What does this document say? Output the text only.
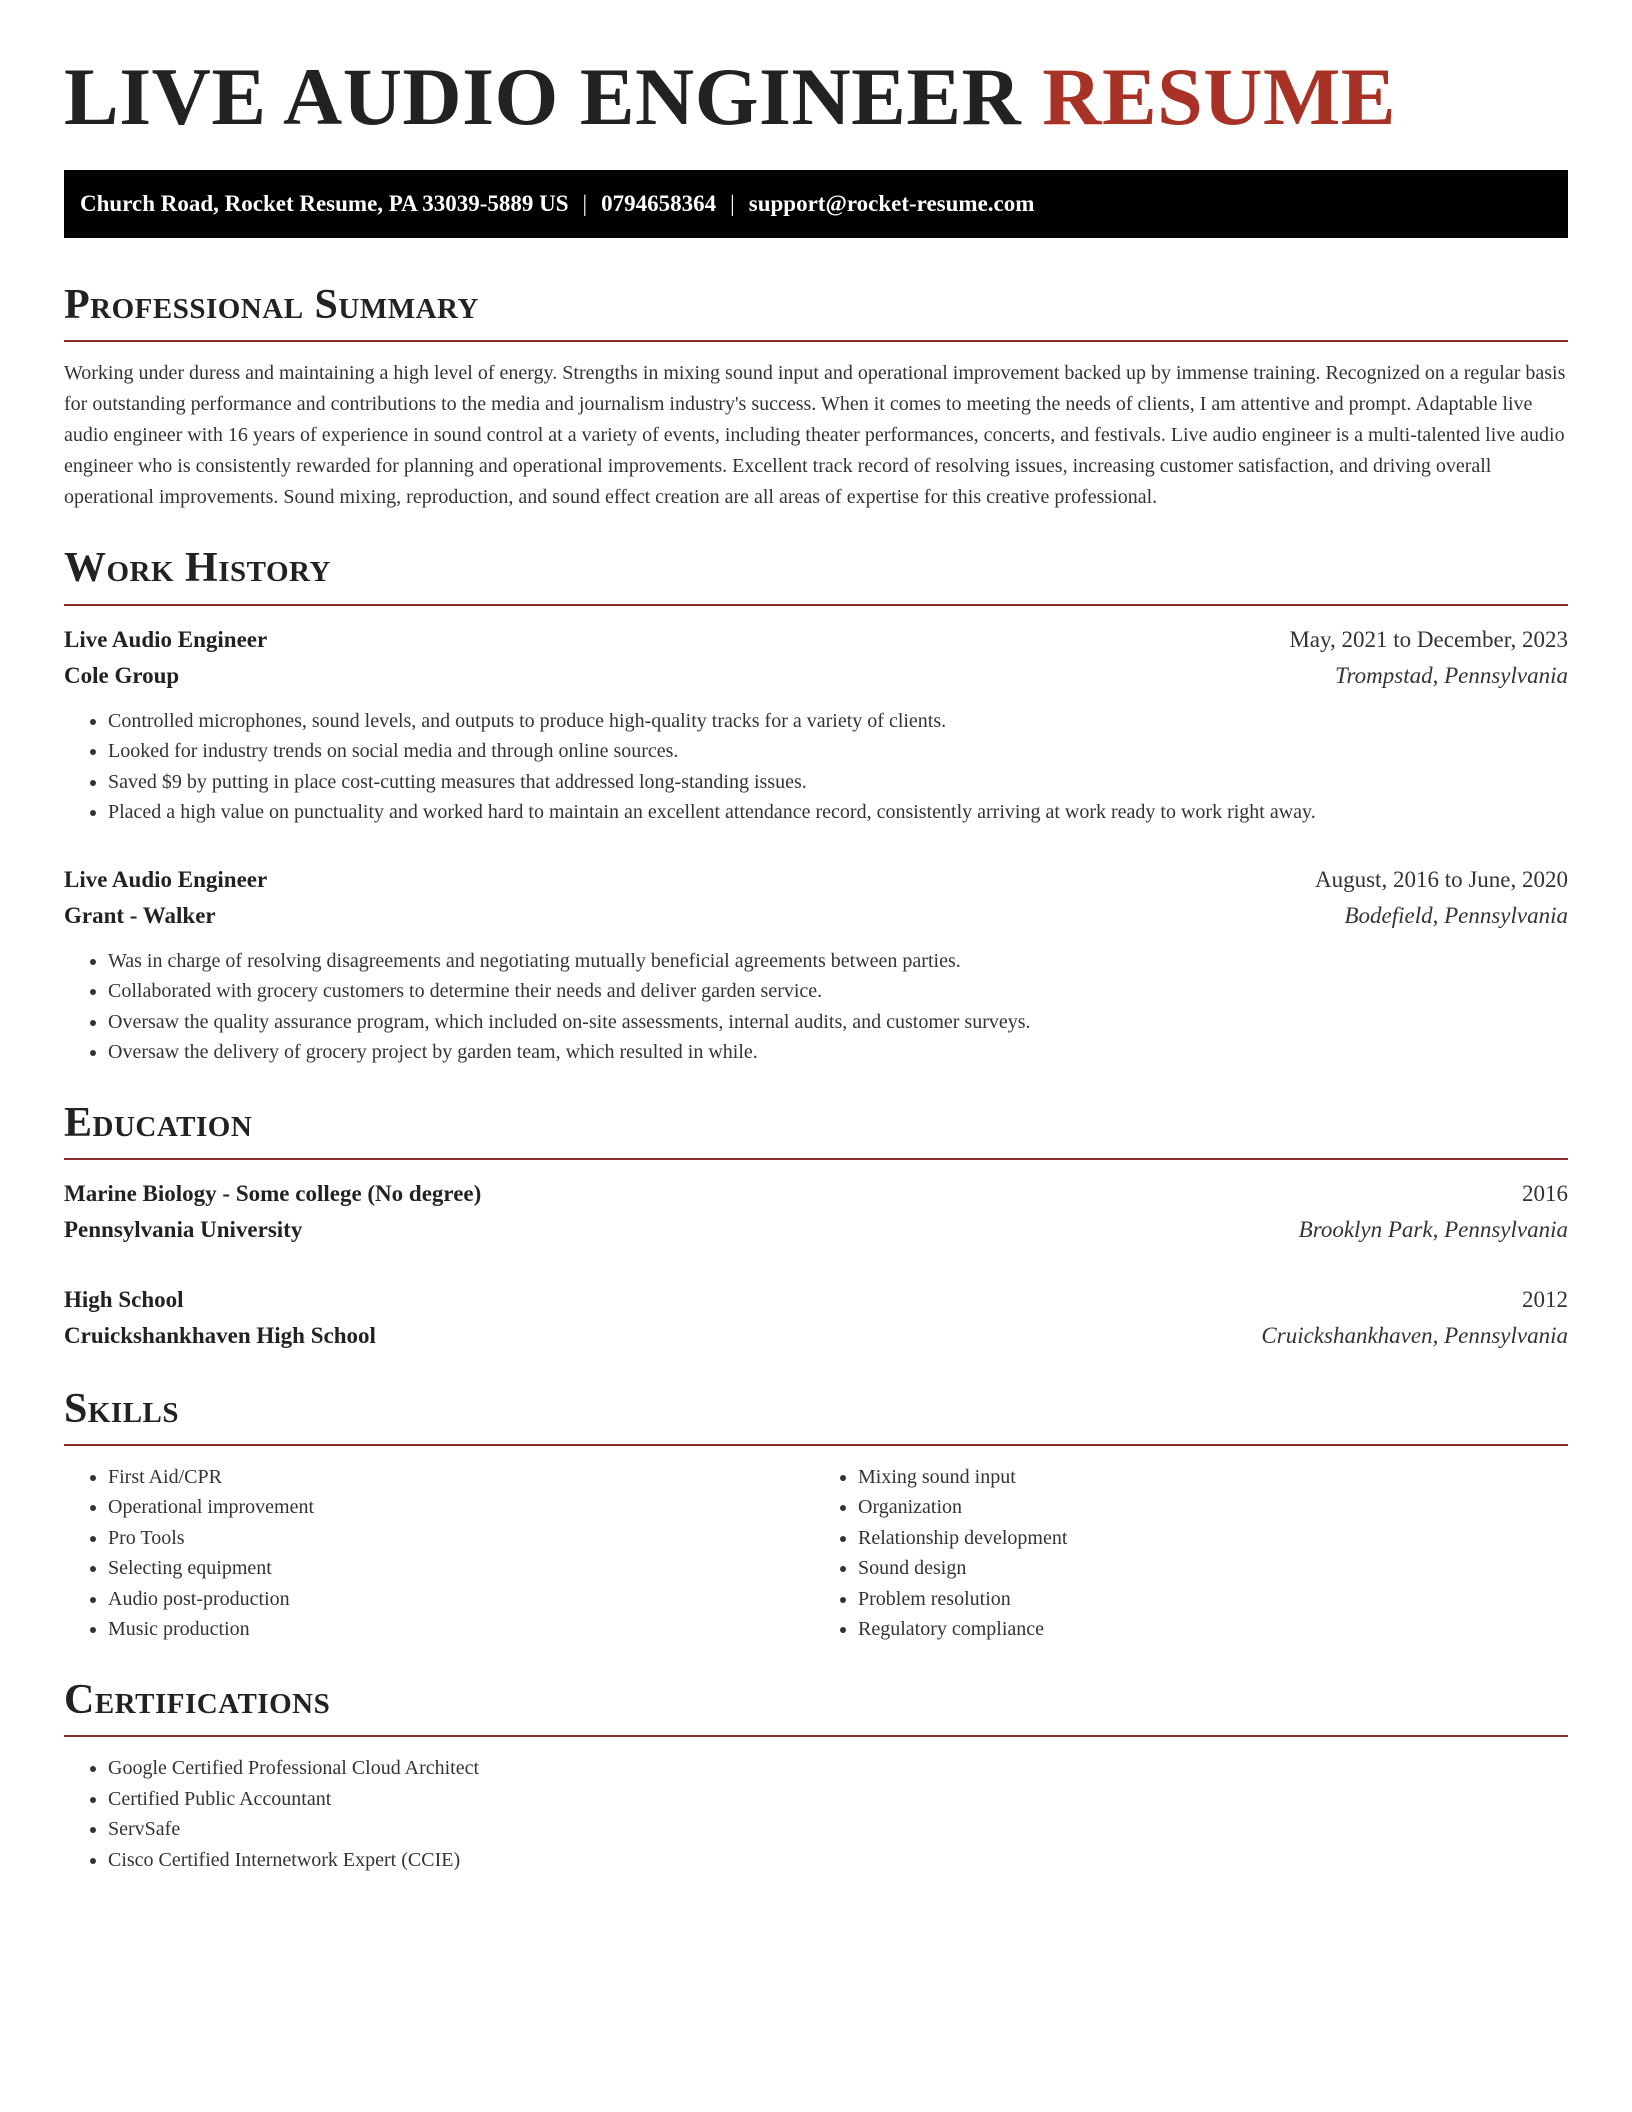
LIVE AUDIO ENGINEER RESUME
Church Road, Rocket Resume, PA 33039-5889 US | 0794658364 | support@rocket-resume.com
Professional Summary

Working under duress and maintaining a high level of energy. Strengths in mixing sound input and operational improvement backed up by immense training. Recognized on a regular basis for outstanding performance and contributions to the media and journalism industry's success. When it comes to meeting the needs of clients, I am attentive and prompt. Adaptable live audio engineer with 16 years of experience in sound control at a variety of events, including theater performances, concerts, and festivals. Live audio engineer is a multi-talented live audio engineer who is consistently rewarded for planning and operational improvements. Excellent track record of resolving issues, increasing customer satisfaction, and driving overall operational improvements. Sound mixing, reproduction, and sound effect creation are all areas of expertise for this creative professional.

Work History
Live Audio Engineer	May, 2021 to December, 2023
Cole Group	Trompstad, Pennsylvania
• Controlled microphones, sound levels, and outputs to produce high-quality tracks for a variety of clients.
• Looked for industry trends on social media and through online sources.
• Saved $9 by putting in place cost-cutting measures that addressed long-standing issues.
• Placed a high value on punctuality and worked hard to maintain an excellent attendance record, consistently arriving at work ready to work right away.
Live Audio Engineer	August, 2016 to June, 2020
Grant - Walker	Bodefield, Pennsylvania
• Was in charge of resolving disagreements and negotiating mutually beneficial agreements between parties.
• Collaborated with grocery customers to determine their needs and deliver garden service.
• Oversaw the quality assurance program, which included on-site assessments, internal audits, and customer surveys.
• Oversaw the delivery of grocery project by garden team, which resulted in while.
Education
Marine Biology - Some college (No degree)	2016
Pennsylvania University	Brooklyn Park, Pennsylvania
High School	2012
Cruickshankhaven High School	Cruickshankhaven, Pennsylvania
Skills
• First Aid/CPR
• Operational improvement
• Pro Tools
• Selecting equipment
• Audio post-production
• Music production
• Mixing sound input
• Organization
• Relationship development
• Sound design
• Problem resolution
• Regulatory compliance
Certifications
• Google Certified Professional Cloud Architect
• Certified Public Accountant
• ServSafe
• Cisco Certified Internetwork Expert (CCIE)
